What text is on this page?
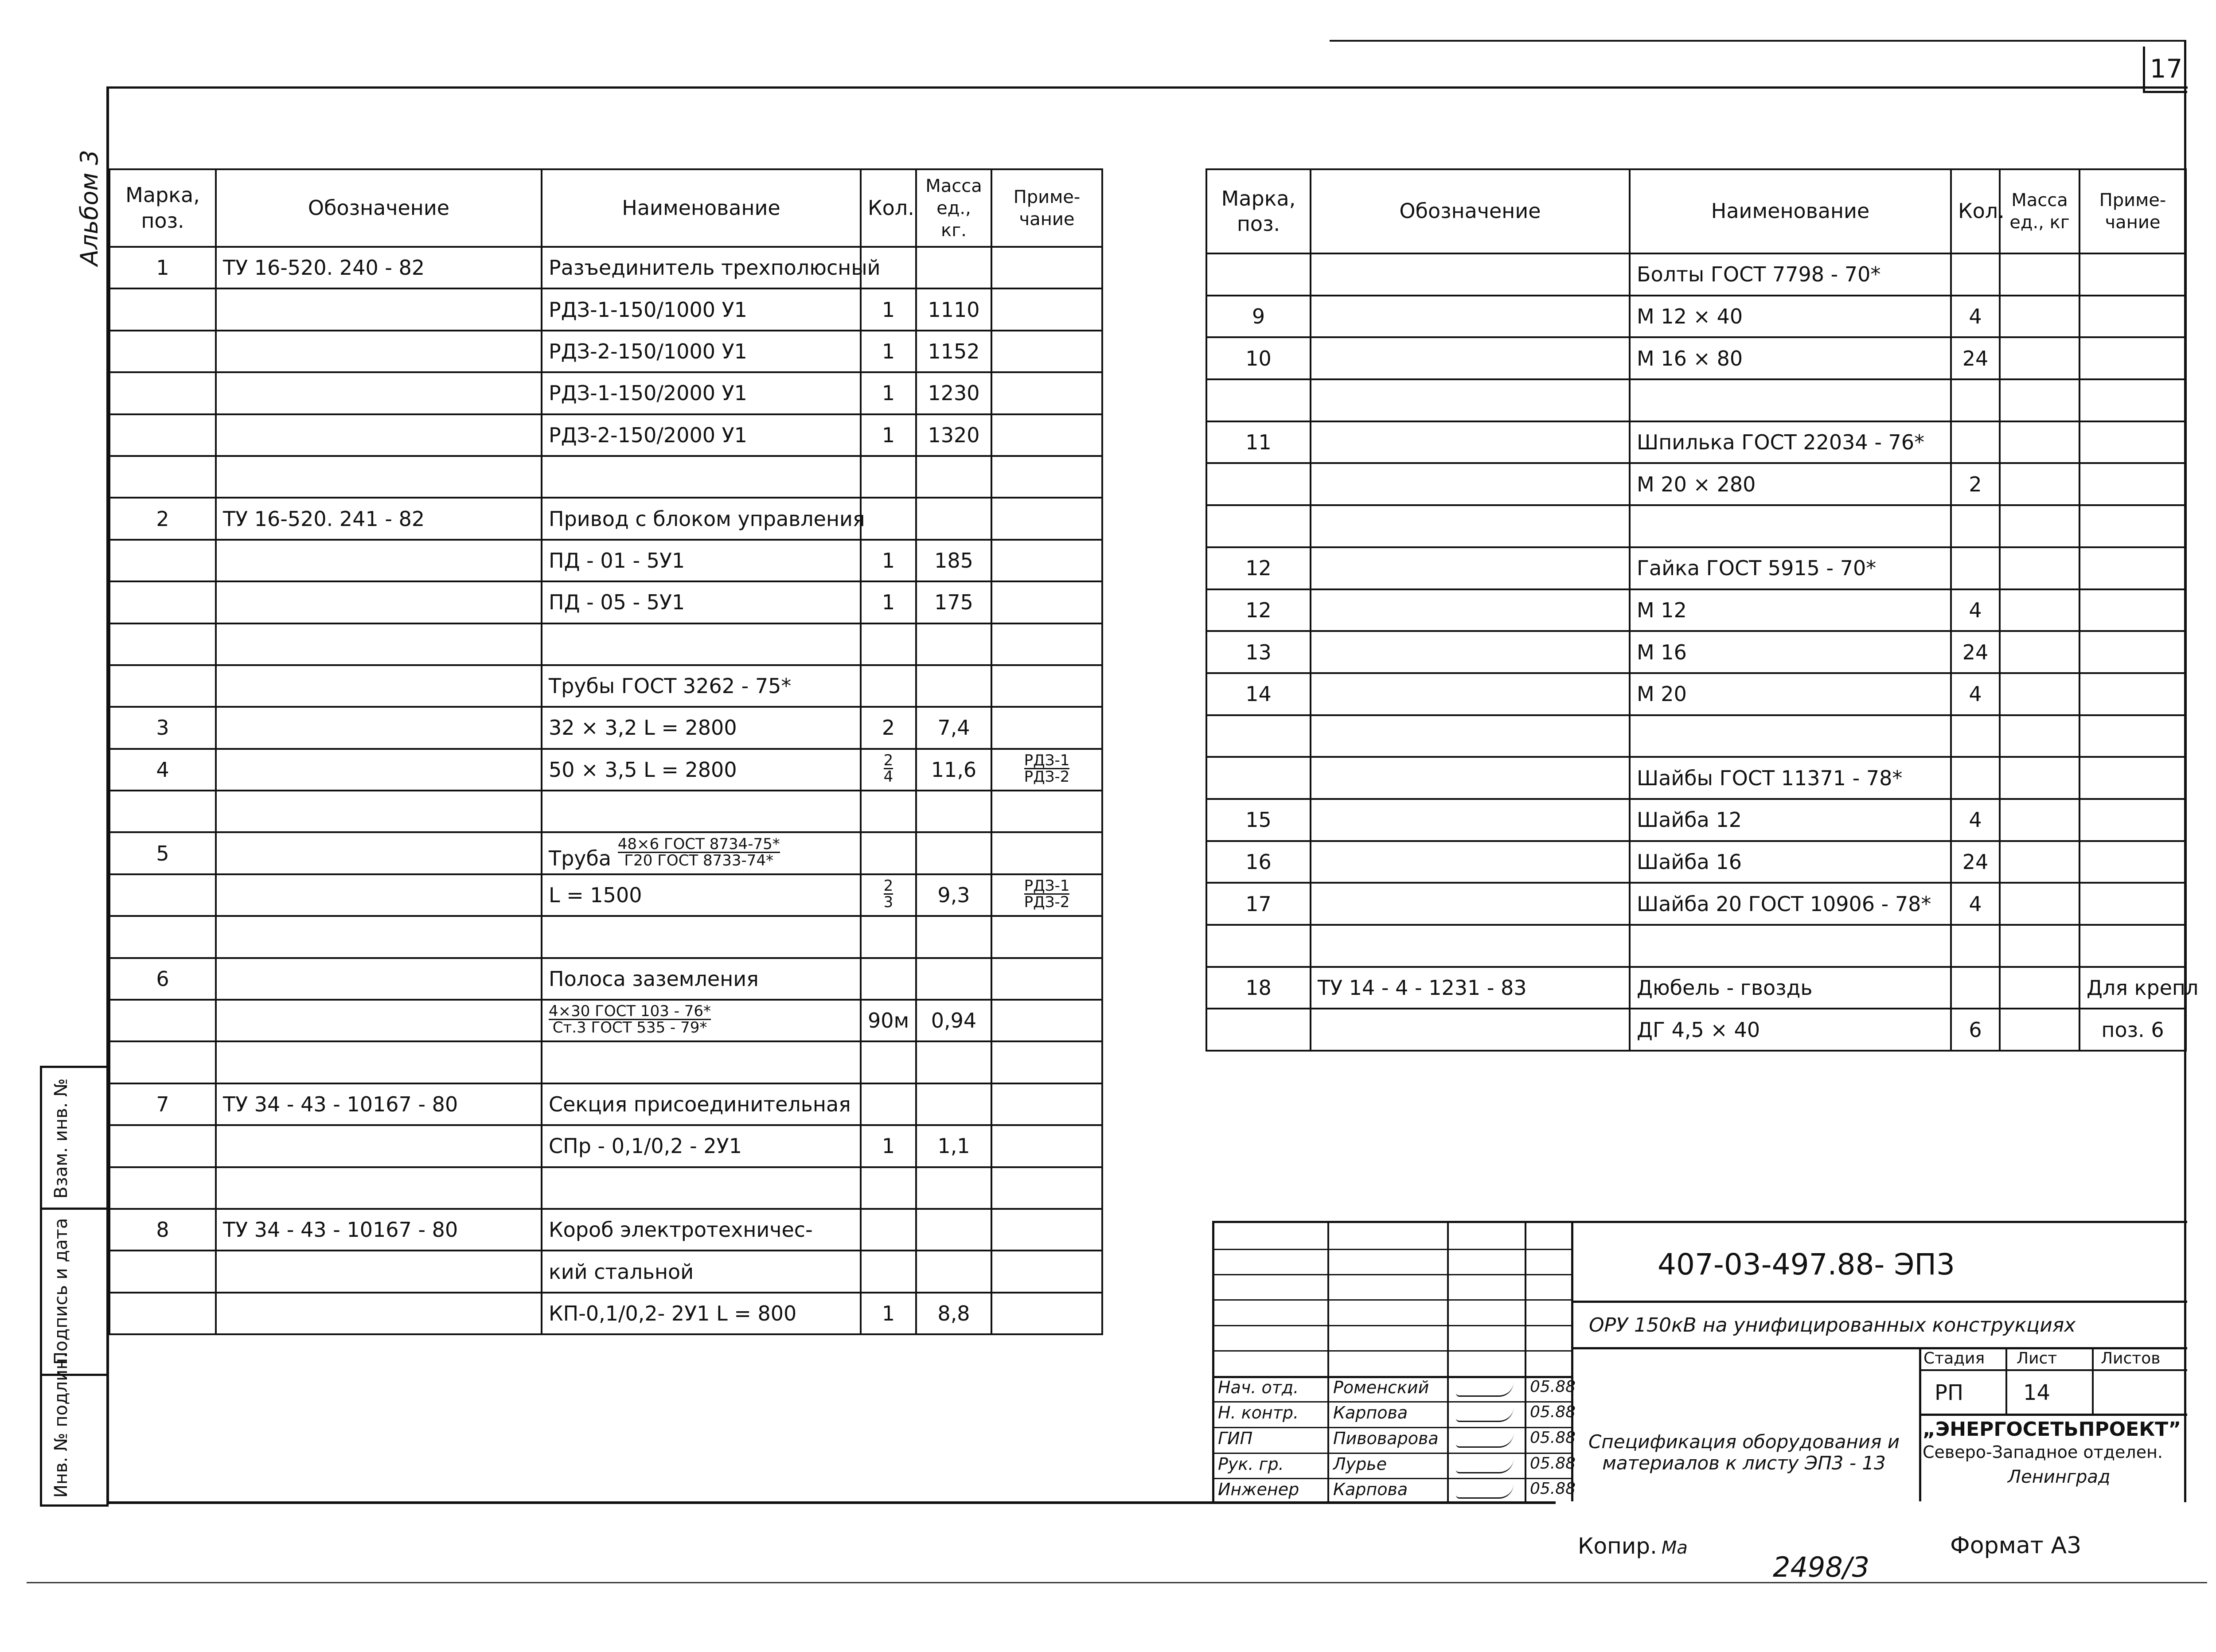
17
Альбом 3
Взам. инв. №
Подпись и дата
Инв. № подлин.
Марка, поз.	Обозначение	Наименование	Кол.	Масса ед., кг.	Приме-чание
1	ТУ 16-520. 240 - 82	Разъединитель трехполюсный			
		РДЗ-1-150/1000 У1	1	1110	
		РДЗ-2-150/1000 У1	1	1152	
		РДЗ-1-150/2000 У1	1	1230	
		РДЗ-2-150/2000 У1	1	1320	

2	ТУ 16-520. 241 - 82	Привод с блоком управления			
		ПД - 01 - 5У1	1	185	
		ПД - 05 - 5У1	1	175	

		Трубы ГОСТ 3262 - 75*			
3		32 × 3,2 L = 2800	2	7,4	
4		50 × 3,5 L = 2800	$\frac{2}{4}$	11,6	$\frac{\text{РДЗ-1}}{\text{РДЗ-2}}$

5		Труба $\frac{\text{48×6 ГОСТ 8734-75*}}{\text{Г20 ГОСТ 8733-74*}}$			
		L = 1500	$\frac{2}{3}$	9,3	$\frac{\text{РДЗ-1}}{\text{РДЗ-2}}$

6		Полоса заземления			

		$\frac{\text{4×30 ГОСТ 103 - 76*}}{\text{Ст.3 ГОСТ 535 - 79*}}$	90м	0,94	

7	ТУ 34 - 43 - 10167 - 80	Секция присоединительная			
		СПр - 0,1/0,2 - 2У1	1	1,1	

8	ТУ 34 - 43 - 10167 - 80	Короб электротехничес-			
		кий стальной			
		КП-0,1/0,2- 2У1 L = 800	1	8,8	
Марка, поз.	Обозначение	Наименование	Кол.	Масса ед., кг	Приме-чание
		Болты ГОСТ 7798 - 70*			
9		М 12 × 40	4		
10		М 16 × 80	24		

11		Шпилька ГОСТ 22034 - 76*			
		М 20 × 280	2		

12		Гайка ГОСТ 5915 - 70*			
12		М 12	4		
13		М 16	24		
14		М 20	4		

		Шайбы ГОСТ 11371 - 78*			
15		Шайба 12	4		
16		Шайба 16	24		
17		Шайба 20 ГОСТ 10906 - 78*	4		

18	ТУ 14 - 4 - 1231 - 83	Дюбель - гвоздь			Для крепл
		ДГ 4,5 × 40	6		поз. 6
407-03-497.88- ЭП3
ОРУ 150кВ на унифицированных конструкциях
Спецификация оборудования и материалов к листу ЭП3 - 13
Стадия Лист	Листов
РП	14
„ЭНЕРГОСЕТЬПРОЕКТ”
Северо-Западное отделен.
Ленинград
Нач. отд. Роменский	05.88
Н. контр. Карпова	05.88
ГИП	Пивоварова	05.88
Рук. гр.	Лурье	05.88
Инженер Карпова	05.88
Копир. Ма
2498/3
Формат А3
